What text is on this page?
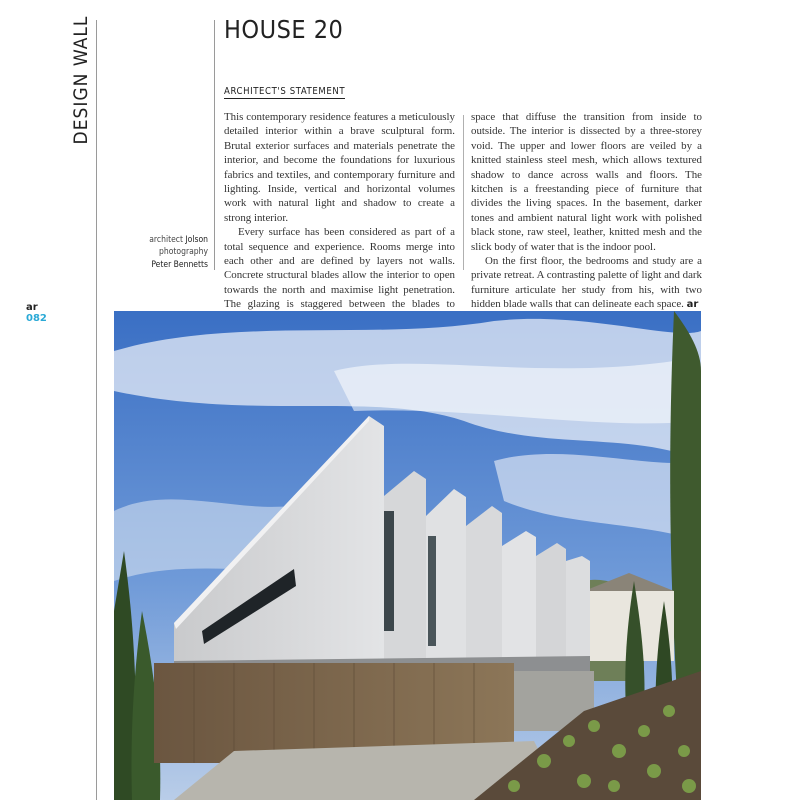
DESIGN WALL	HOUSE 20
ARCHITECT'S STATEMENT

This contemporary residence features a meticulously detailed interior within a brave sculptural form. Brutal exterior surfaces and materials penetrate the interior, and become the foundations for luxurious fabrics and textiles, and contemporary furniture and lighting. Inside, vertical and horizontal volumes work with natural light and shadow to create a strong interior.

Every surface has been considered as part of a total sequence and experience. Rooms merge into each other and are defined by layers not walls. Concrete structural blades allow the interior to open towards the north and maximise light penetration. The glazing is staggered between the blades to

space that diffuse the transition from inside to outside. The interior is dissected by a three-storey void. The upper and lower floors are veiled by a knitted stainless steel mesh, which allows textured shadow to dance across walls and floors. The kitchen is a freestanding piece of furniture that divides the living spaces. In the basement, darker tones and ambient natural light work with polished black stone, raw steel, leather, knitted mesh and the slick body of water that is the indoor pool.

On the first floor, the bedrooms and study are a private retreat. A contrasting palette of light and dark furniture articulate her study from his, with two hidden blade walls that can delineate each space. ar

architect Jolson
photography
Peter Bennetts
ar
082
